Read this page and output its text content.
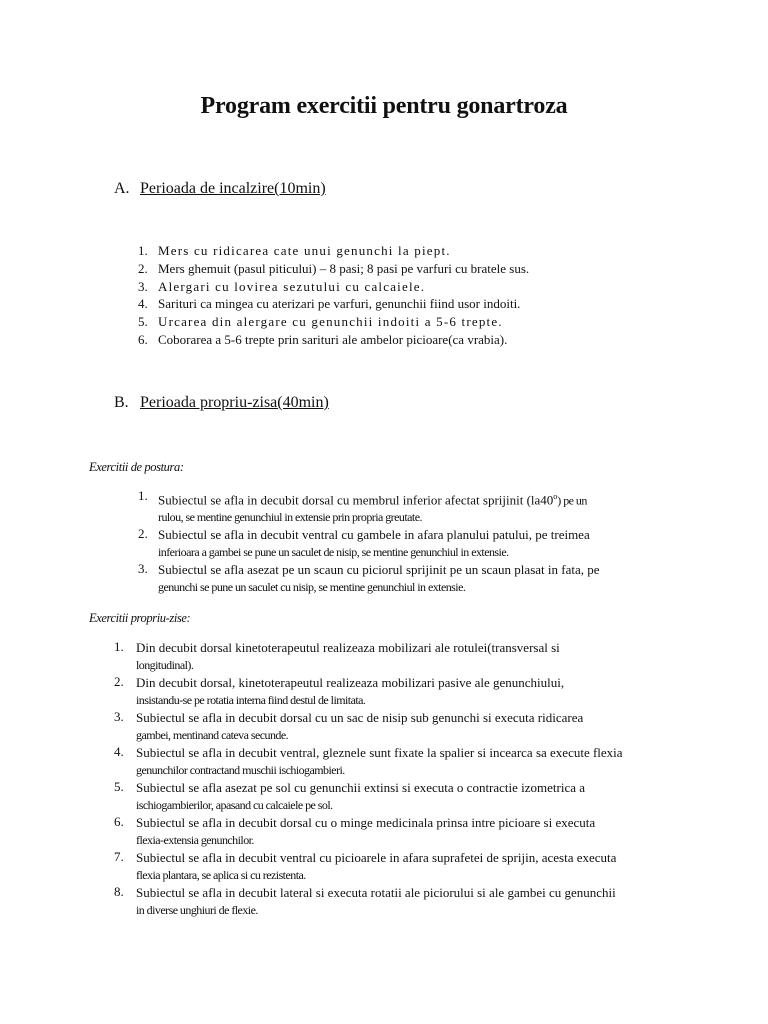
Program exercitii pentru gonartroza
A. Perioada de incalzire(10min)
1. Mers cu ridicarea cate unui genunchi la piept.
2. Mers ghemuit (pasul piticului) – 8 pasi; 8 pasi pe varfuri cu bratele sus.
3. Alergari cu lovirea sezutului cu calcaiele.
4. Sarituri ca mingea cu aterizari pe varfuri, genunchii fiind usor indoiti.
5. Urcarea din alergare cu genunchii indoiti a 5-6 trepte.
6. Coborarea a 5-6 trepte prin sarituri ale ambelor picioare(ca vrabia).
B. Perioada propriu-zisa(40min)
Exercitii de postura:
1. Subiectul se afla in decubit dorsal cu membrul inferior afectat sprijinit (la40$^o$) pe un
rulou, se mentine genunchiul in extensie prin propria greutate.
2. Subiectul se afla in decubit ventral cu gambele in afara planului patului, pe treimea
inferioara a gambei se pune un saculet de nisip, se mentine genunchiul in extensie.
3. Subiectul se afla asezat pe un scaun cu piciorul sprijinit pe un scaun plasat in fata, pe
genunchi se pune un saculet cu nisip, se mentine genunchiul in extensie.
Exercitii propriu-zise:
1. Din decubit dorsal kinetoterapeutul realizeaza mobilizari ale rotulei(transversal si
longitudinal).
2. Din decubit dorsal, kinetoterapeutul realizeaza mobilizari pasive ale genunchiului,
insistandu-se pe rotatia interna fiind destul de limitata.
3. Subiectul se afla in decubit dorsal cu un sac de nisip sub genunchi si executa ridicarea
gambei, mentinand cateva secunde.
4. Subiectul se afla in decubit ventral, gleznele sunt fixate la spalier si incearca sa execute flexia
genunchilor contractand muschii ischiogambieri.
5. Subiectul se afla asezat pe sol cu genunchii extinsi si executa o contractie izometrica a
ischiogambierilor, apasand cu calcaiele pe sol.
6. Subiectul se afla in decubit dorsal cu o minge medicinala prinsa intre picioare si executa
flexia-extensia genunchilor.
7. Subiectul se afla in decubit ventral cu picioarele in afara suprafetei de sprijin, acesta executa
flexia plantara, se aplica si cu rezistenta.
8. Subiectul se afla in decubit lateral si executa rotatii ale piciorului si ale gambei cu genunchii
in diverse unghiuri de flexie.
